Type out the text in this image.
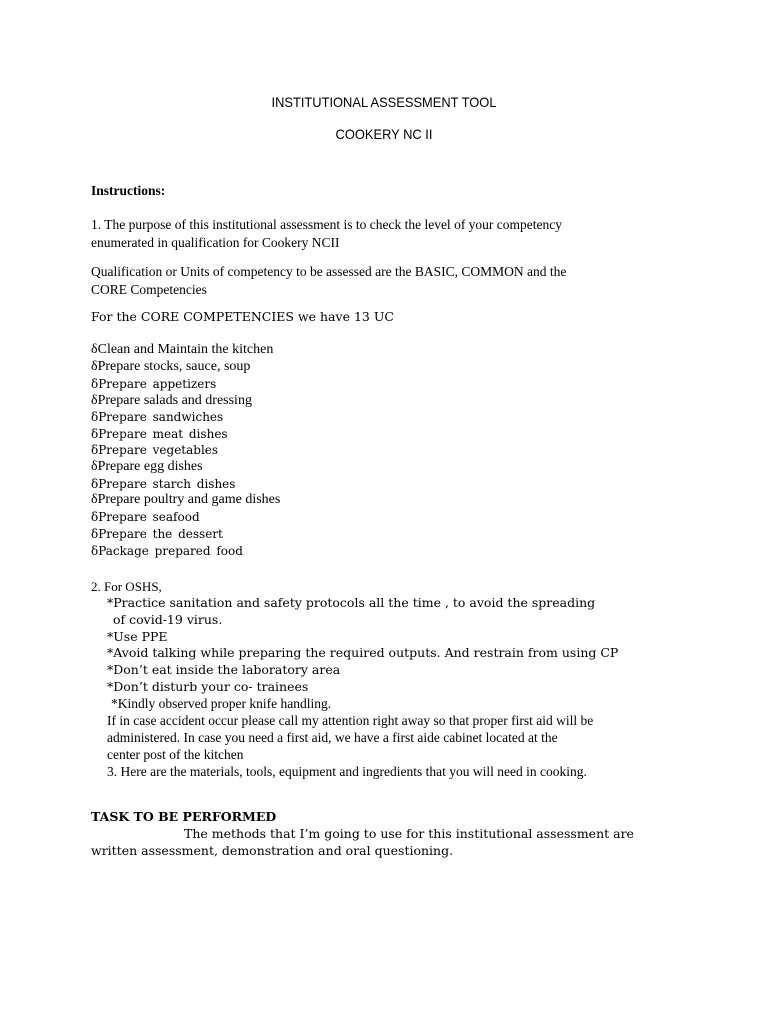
INSTITUTIONAL ASSESSMENT TOOL
COOKERY NC II
Instructions:
1. The purpose of this institutional assessment is to check the level of your competency
enumerated in qualification for Cookery NCII
Qualification or Units of competency to be assessed are the BASIC, COMMON and the
CORE Competencies
For the CORE COMPETENCIES we have 13 UC
δClean and Maintain the kitchen
δPrepare stocks, sauce, soup
δPrepare appetizers
δPrepare salads and dressing
δPrepare sandwiches
δPrepare meat dishes
δPrepare vegetables
δPrepare egg dishes
δPrepare starch dishes
δPrepare poultry and game dishes
δPrepare seafood
δPrepare the dessert
δPackage prepared food
2. For OSHS,
*Practice sanitation and safety protocols all the time , to avoid the spreading
of covid-19 virus.
*Use PPE
*Avoid talking while preparing the required outputs. And restrain from using CP
*Don’t eat inside the laboratory area
*Don’t disturb your co- trainees
*Kindly observed proper knife handling.
If in case accident occur please call my attention right away so that proper first aid will be
administered. In case you need a first aid, we have a first aide cabinet located at the
center post of the kitchen
3. Here are the materials, tools, equipment and ingredients that you will need in cooking.
TASK TO BE PERFORMED
The methods that I’m going to use for this institutional assessment are
written assessment, demonstration and oral questioning.
